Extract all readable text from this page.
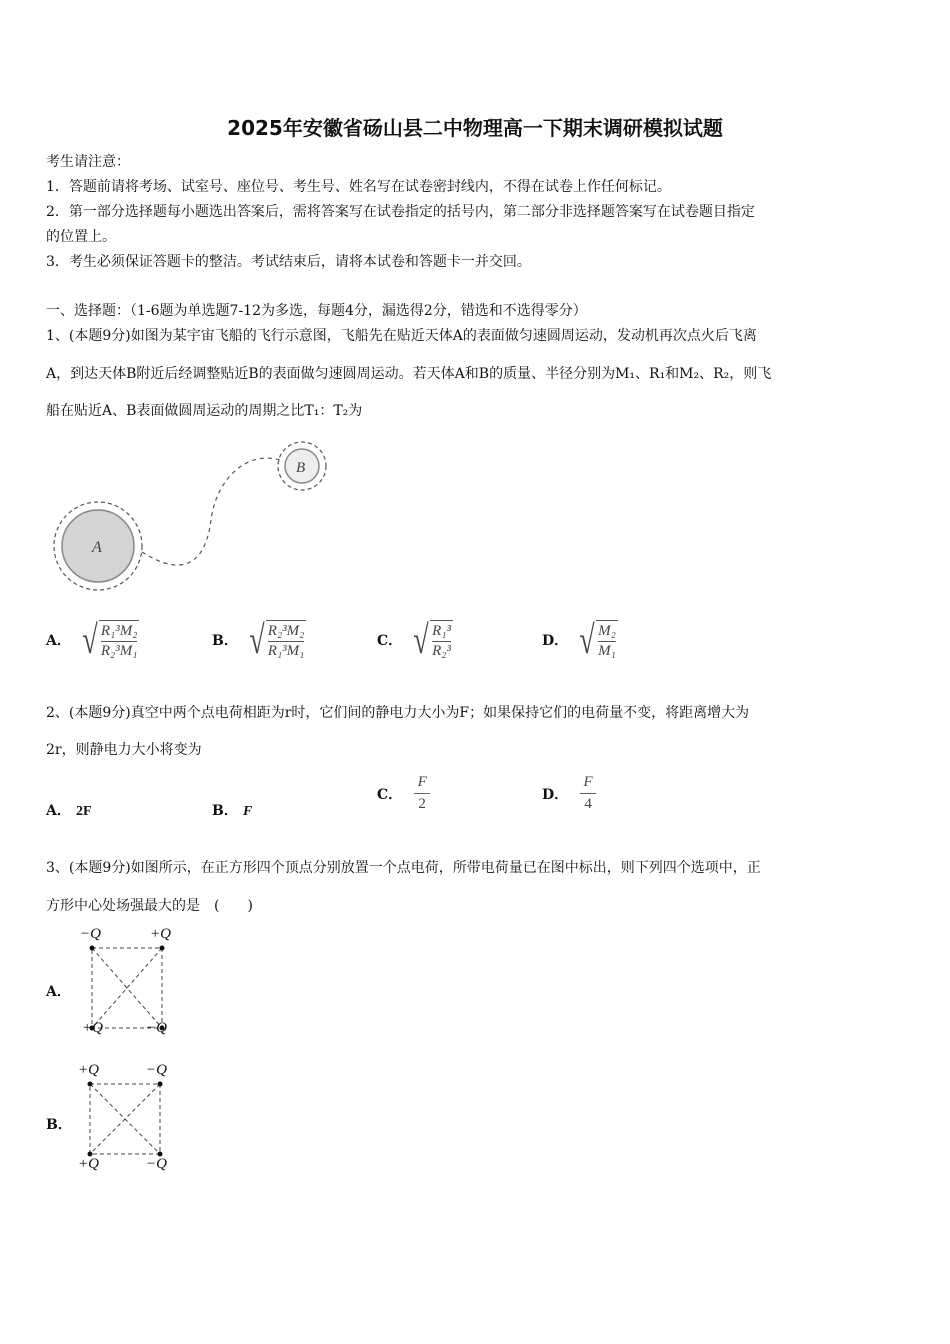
2025年安徽省砀山县二中物理高一下期末调研模拟试题
考生请注意：
1．答题前请将考场、试室号、座位号、考生号、姓名写在试卷密封线内，不得在试卷上作任何标记。
2．第一部分选择题每小题选出答案后，需将答案写在试卷指定的括号内，第二部分非选择题答案写在试卷题目指定
的位置上。
3．考生必须保证答题卡的整洁。考试结束后，请将本试卷和答题卡一并交回。
一、选择题：（1-6题为单选题7-12为多选，每题4分，漏选得2分，错选和不选得零分）
1、(本题9分)如图为某宇宙飞船的飞行示意图，飞船先在贴近天体A的表面做匀速圆周运动，发动机再次点火后飞离
A，到达天体B附近后经调整贴近B的表面做匀速圆周运动。若天体A和B的质量、半径分别为M₁、R₁和M₂、R₂，则飞
船在贴近A、B表面做圆周运动的周期之比T₁：T₂为
A
B
A． √ $\frac{\text{R₁³M₂}}{\text{R₂³M₁}}$	B． √ $\frac{\text{R₂³M₂}}{\text{R₁³M₁}}$	C． √ $\frac{\text{R₁³}}{\text{R₂³}}$	D． √ $\frac{\text{M₂}}{\text{M₁}}$
2、(本题9分)真空中两个点电荷相距为r时，它们间的静电力大小为F；如果保持它们的电荷量不变，将距离增大为
2r，则静电力大小将变为
A． 2F	B． F
C． $\frac{F}{2}$	D． $\frac{F}{4}$
3、(本题9分)如图所示，在正方形四个顶点分别放置一个点电荷，所带电荷量已在图中标出，则下列四个选项中，正
方形中心处场强最大的是　(　　)
A．
−Q	+Q
+Q	−Q
B．
+Q	−Q
+Q	−Q
